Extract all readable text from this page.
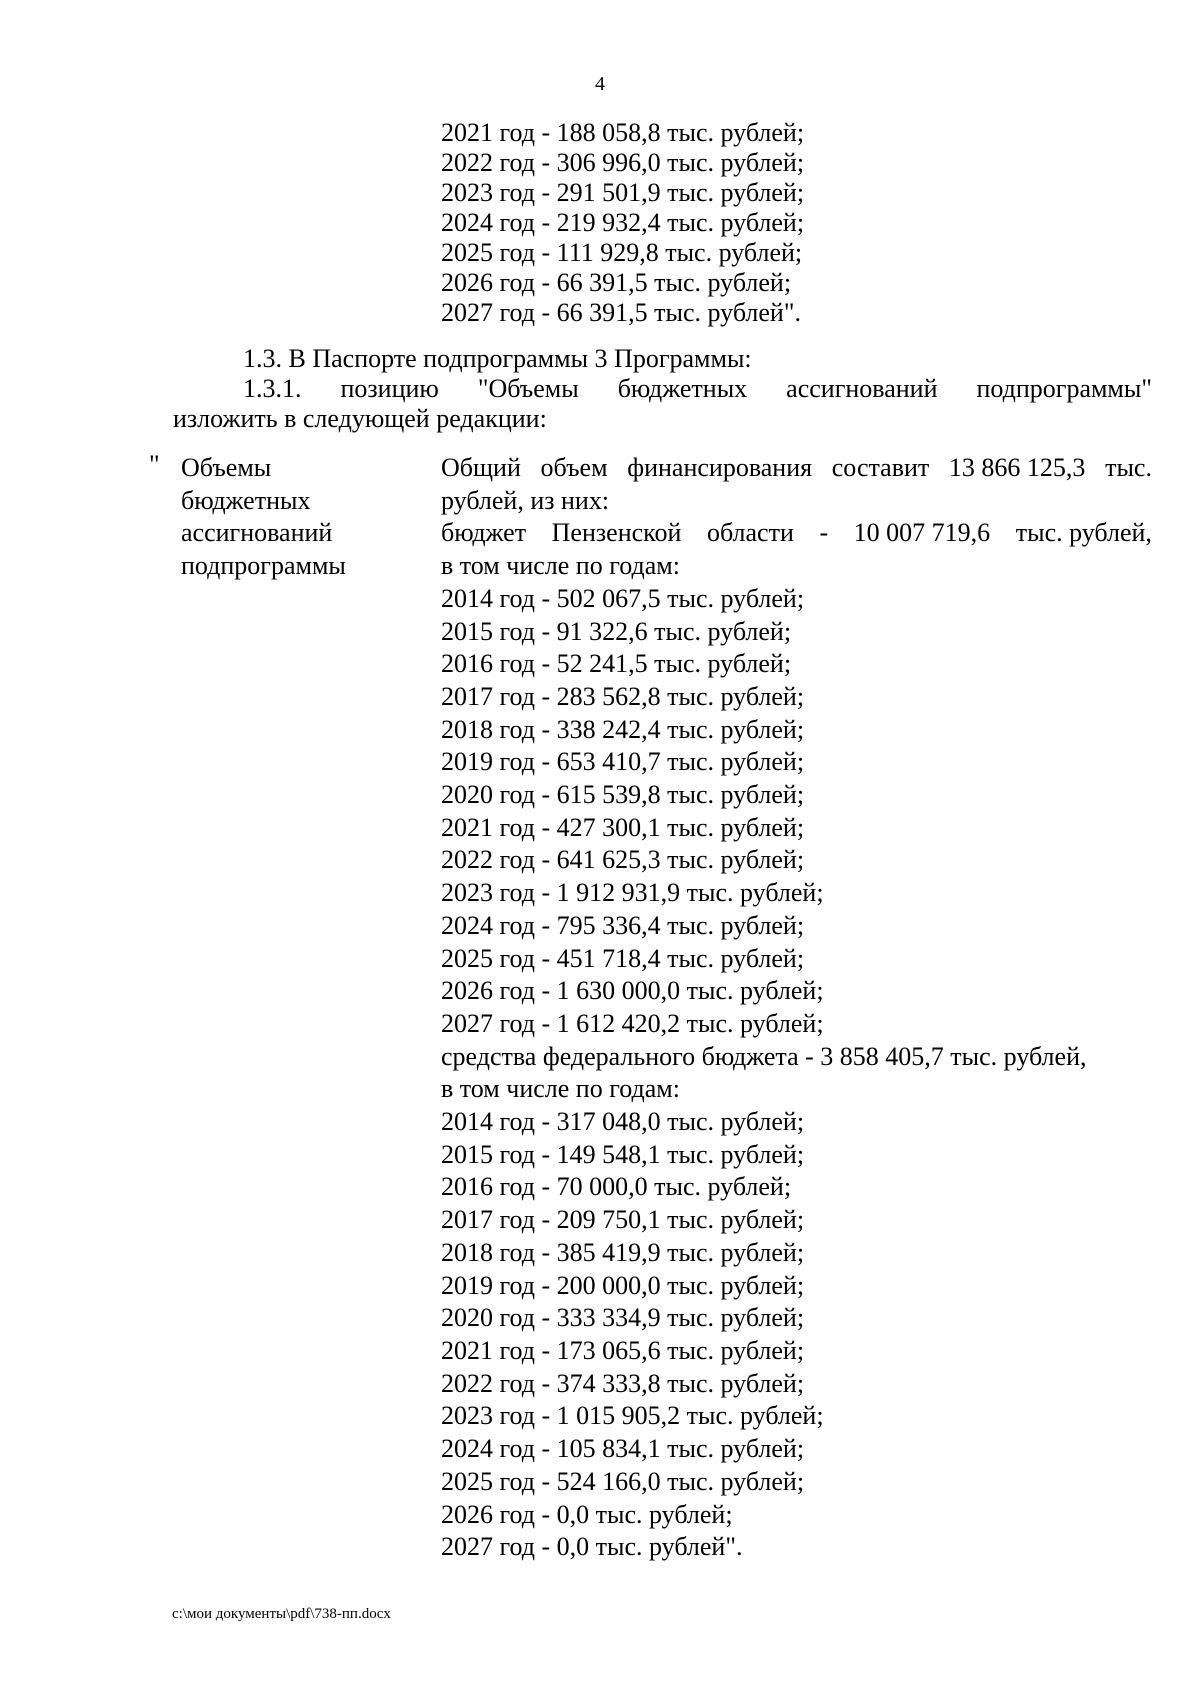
4
2021 год - 188 058,8 тыс. рублей;
2022 год - 306 996,0 тыс. рублей;
2023 год - 291 501,9 тыс. рублей;
2024 год - 219 932,4 тыс. рублей;
2025 год - 111 929,8 тыс. рублей;
2026 год - 66 391,5 тыс. рублей;
2027 год - 66 391,5 тыс. рублей".
1.3. В Паспорте подпрограммы 3 Программы:
1.3.1. позицию "Объемы бюджетных ассигнований подпрограммы"
изложить в следующей редакции:
" Объемы
бюджетных
ассигнований
подпрограммы
Общий объем финансирования составит 13 866 125,3 тыс.
рублей, из них:
бюджет Пензенской области - 10 007 719,6 тыс. рублей,
в том числе по годам:
2014 год - 502 067,5 тыс. рублей;
2015 год - 91 322,6 тыс. рублей;
2016 год - 52 241,5 тыс. рублей;
2017 год - 283 562,8 тыс. рублей;
2018 год - 338 242,4 тыс. рублей;
2019 год - 653 410,7 тыс. рублей;
2020 год - 615 539,8 тыс. рублей;
2021 год - 427 300,1 тыс. рублей;
2022 год - 641 625,3 тыс. рублей;
2023 год - 1 912 931,9 тыс. рублей;
2024 год - 795 336,4 тыс. рублей;
2025 год - 451 718,4 тыс. рублей;
2026 год - 1 630 000,0 тыс. рублей;
2027 год - 1 612 420,2 тыс. рублей;
средства федерального бюджета - 3 858 405,7 тыс. рублей,
в том числе по годам:
2014 год - 317 048,0 тыс. рублей;
2015 год - 149 548,1 тыс. рублей;
2016 год - 70 000,0 тыс. рублей;
2017 год - 209 750,1 тыс. рублей;
2018 год - 385 419,9 тыс. рублей;
2019 год - 200 000,0 тыс. рублей;
2020 год - 333 334,9 тыс. рублей;
2021 год - 173 065,6 тыс. рублей;
2022 год - 374 333,8 тыс. рублей;
2023 год - 1 015 905,2 тыс. рублей;
2024 год - 105 834,1 тыс. рублей;
2025 год - 524 166,0 тыс. рублей;
2026 год - 0,0 тыс. рублей;
2027 год - 0,0 тыс. рублей".
c:\мои документы\pdf\738-пп.docx
